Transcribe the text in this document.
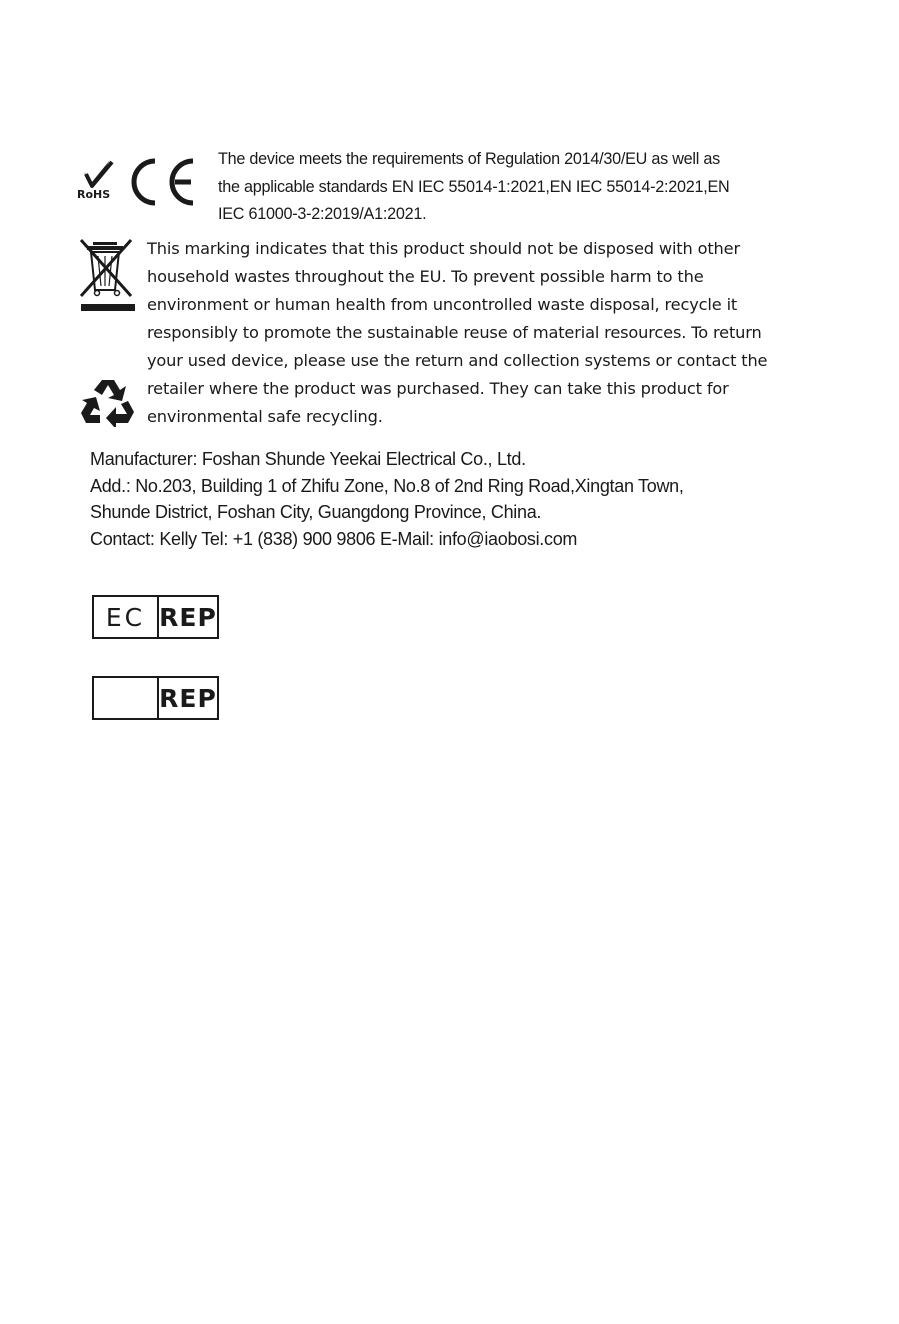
RoHS
The device meets the requirements of Regulation 2014/30/EU as well as
the applicable standards EN IEC 55014-1:2021,EN IEC 55014-2:2021,EN
IEC 61000-3-2:2019/A1:2021.
This marking indicates that this product should not be disposed with other
household wastes throughout the EU. To prevent possible harm to the
environment or human health from uncontrolled waste disposal, recycle it
responsibly to promote the sustainable reuse of material resources. To return
your used device, please use the return and collection systems or contact the
retailer where the product was purchased. They can take this product for
environmental safe recycling.
Manufacturer: Foshan Shunde Yeekai Electrical Co., Ltd.
Add.: No.203, Building 1 of Zhifu Zone, No.8 of 2nd Ring Road,Xingtan Town,
Shunde District, Foshan City, Guangdong Province, China.
Contact: Kelly Tel: +1 (838) 900 9806 E-Mail: info@iaobosi.com
EC REP
REP
